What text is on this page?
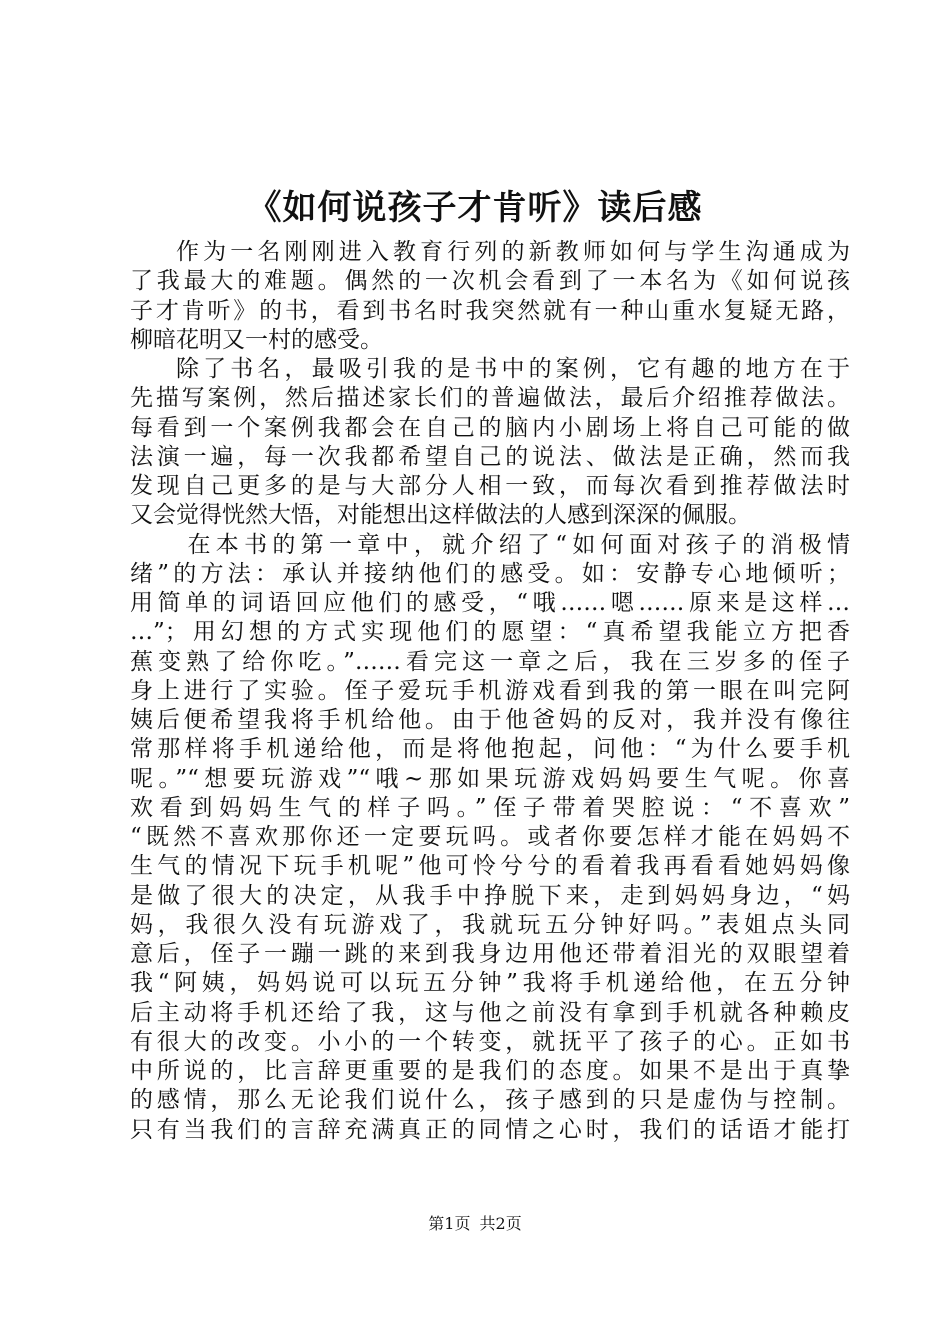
《如何说孩子才肯听》读后感
作为一名刚刚进入教育行列的新教师如何与学生沟通成为
了我最大的难题。偶然的一次机会看到了一本名为《如何说孩
子才肯听》的书，看到书名时我突然就有一种山重水复疑无路，
柳暗花明又一村的感受。
除了书名，最吸引我的是书中的案例，它有趣的地方在于
先描写案例，然后描述家长们的普遍做法，最后介绍推荐做法。
每看到一个案例我都会在自己的脑内小剧场上将自己可能的做
法演一遍，每一次我都希望自己的说法、做法是正确，然而我
发现自己更多的是与大部分人相一致，而每次看到推荐做法时
又会觉得恍然大悟，对能想出这样做法的人感到深深的佩服。
在本书的第一章中，就介绍了“如何面对孩子的消极情
绪”的方法：承认并接纳他们的感受。如：安静专心地倾听；
用简单的词语回应他们的感受，“哦……嗯……原来是这样…
…”；用幻想的方式实现他们的愿望：“真希望我能立方把香
蕉变熟了给你吃。”……看完这一章之后，我在三岁多的侄子
身上进行了实验。侄子爱玩手机游戏看到我的第一眼在叫完阿
姨后便希望我将手机给他。由于他爸妈的反对，我并没有像往
常那样将手机递给他，而是将他抱起，问他：“为什么要手机
呢。”“想要玩游戏”“哦~那如果玩游戏妈妈要生气呢。你喜
欢看到妈妈生气的样子吗。”侄子带着哭腔说：“不喜欢”
“既然不喜欢那你还一定要玩吗。或者你要怎样才能在妈妈不
生气的情况下玩手机呢”他可怜兮兮的看着我再看看她妈妈像
是做了很大的决定，从我手中挣脱下来，走到妈妈身边，“妈
妈，我很久没有玩游戏了，我就玩五分钟好吗。”表姐点头同
意后，侄子一蹦一跳的来到我身边用他还带着泪光的双眼望着
我“阿姨，妈妈说可以玩五分钟”我将手机递给他，在五分钟
后主动将手机还给了我，这与他之前没有拿到手机就各种赖皮
有很大的改变。小小的一个转变，就抚平了孩子的心。正如书
中所说的，比言辞更重要的是我们的态度。如果不是出于真挚
的感情，那么无论我们说什么，孩子感到的只是虚伪与控制。
只有当我们的言辞充满真正的同情之心时，我们的话语才能打
第1页 共2页
